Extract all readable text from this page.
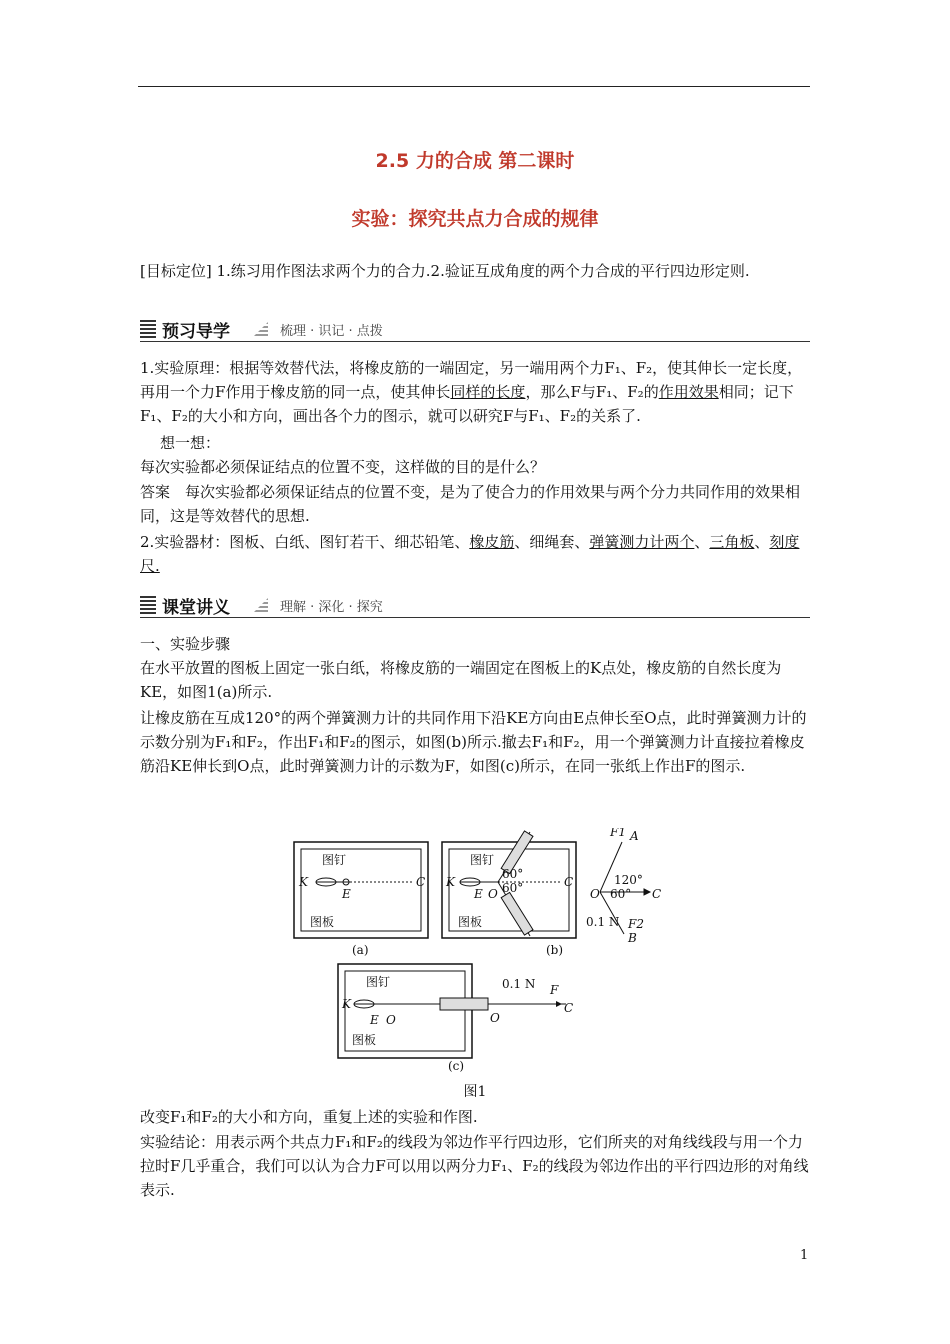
2.5 力的合成 第二课时
实验：探究共点力合成的规律
[目标定位] 1.练习用作图法求两个力的合力.2.验证互成角度的两个力合成的平行四边形定则.
预习导学	梳理 · 识记 · 点拨
1.实验原理：根据等效替代法，将橡皮筋的一端固定，另一端用两个力F₁、F₂，使其伸长一定长度，再用一个力F作用于橡皮筋的同一点，使其伸长同样的长度，那么F与F₁、F₂的作用效果相同；记下F₁、F₂的大小和方向，画出各个力的图示，就可以研究F与F₁、F₂的关系了.
想一想：
每次实验都必须保证结点的位置不变，这样做的目的是什么？
答案　每次实验都必须保证结点的位置不变，是为了使合力的作用效果与两个分力共同作用的效果相同，这是等效替代的思想.
2.实验器材：图板、白纸、图钉若干、细芯铅笔、橡皮筋、细绳套、弹簧测力计两个、三角板、刻度尺.
课堂讲义	理解 · 深化 · 探究
一、实验步骤
在水平放置的图板上固定一张白纸，将橡皮筋的一端固定在图板上的K点处，橡皮筋的自然长度为KE，如图1(a)所示.
让橡皮筋在互成120°的两个弹簧测力计的共同作用下沿KE方向由E点伸长至O点，此时弹簧测力计的示数分别为F₁和F₂，作出F₁和F₂的图示，如图(b)所示.撤去F₁和F₂，用一个弹簧测力计直接拉着橡皮筋沿KE伸长到O点，此时弹簧测力计的示数为F，如图(c)所示，在同一张纸上作出F的图示.
图钉
K
E
C
图板
(a)
图钉
K
60°
60°
E O
C
图板
(b)
F1 A
120°
60°
O	C
0.1 N F2
B
图钉
K
E O	O
0.1 N F
C
图板
(c)
图1
改变F₁和F₂的大小和方向，重复上述的实验和作图.
实验结论：用表示两个共点力F₁和F₂的线段为邻边作平行四边形，它们所夹的对角线线段与用一个力拉时F几乎重合，我们可以认为合力F可以用以两分力F₁、F₂的线段为邻边作出的平行四边形的对角线表示.
1
